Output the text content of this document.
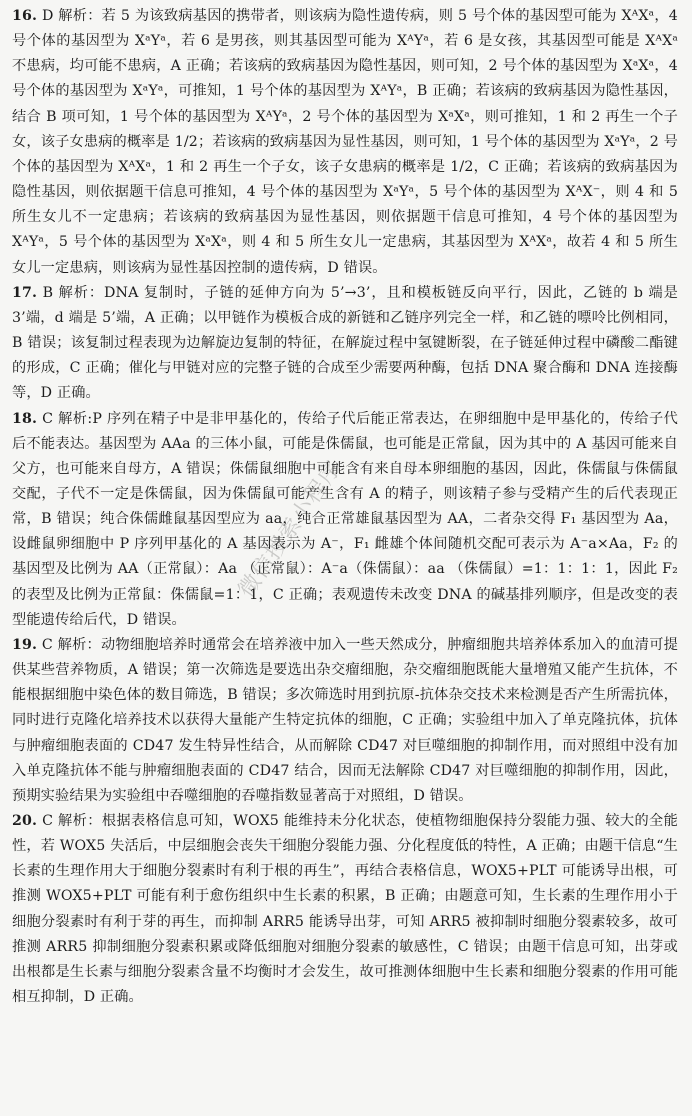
16. D 解析：若 5 为该致病基因的携带者，则该病为隐性遗传病，则 5 号个体的基因型可能为 XᴬXᵃ，4 号个体的基因型为 XᵃYᵃ，若 6 是男孩，则其基因型可能为 XᴬYᵃ，若 6 是女孩，其基因型可能是 XᴬXᵃ 不患病，均可能不患病，A 正确；若该病的致病基因为隐性基因，则可知，2 号个体的基因型为 XᵃXᵃ，4 号个体的基因型为 XᵃYᵃ，可推知，1 号个体的基因型为 XᴬYᵃ，B 正确；若该病的致病基因为隐性基因，结合 B 项可知，1 号个体的基因型为 XᴬYᵃ，2 号个体的基因型为 XᵃXᵃ，则可推知，1 和 2 再生一个子女，该子女患病的概率是 1/2；若该病的致病基因为显性基因，则可知，1 号个体的基因型为 XᵃYᵃ，2 号个体的基因型为 XᴬXᵃ，1 和 2 再生一个子女，该子女患病的概率是 1/2，C 正确；若该病的致病基因为隐性基因，则依据题干信息可推知，4 号个体的基因型为 XᵃYᵃ，5 号个体的基因型为 XᴬX⁻，则 4 和 5 所生女儿不一定患病；若该病的致病基因为显性基因，则依据题干信息可推知，4 号个体的基因型为 XᴬYᵃ，5 号个体的基因型为 XᵃXᵃ，则 4 和 5 所生女儿一定患病，其基因型为 XᴬXᵃ，故若 4 和 5 所生女儿一定患病，则该病为显性基因控制的遗传病，D 错误。

17. B 解析：DNA 复制时，子链的延伸方向为 5’→3’，且和模板链反向平行，因此，乙链的 b 端是 3’端，d 端是 5’端，A 正确；以甲链作为模板合成的新链和乙链序列完全一样，和乙链的嘌呤比例相同，B 错误；该复制过程表现为边解旋边复制的特征，在解旋过程中氢键断裂，在子链延伸过程中磷酸二酯键的形成，C 正确；催化与甲链对应的完整子链的合成至少需要两种酶，包括 DNA 聚合酶和 DNA 连接酶等，D 正确。

18. C 解析:P 序列在精子中是非甲基化的，传给子代后能正常表达，在卵细胞中是甲基化的，传给子代后不能表达。基因型为 AAa 的三体小鼠，可能是侏儒鼠，也可能是正常鼠，因为其中的 A 基因可能来自父方，也可能来自母方，A 错误；侏儒鼠细胞中可能含有来自母本卵细胞的基因，因此，侏儒鼠与侏儒鼠交配，子代不一定是侏儒鼠，因为侏儒鼠可能产生含有 A 的精子，则该精子参与受精产生的后代表现正常，B 错误；纯合侏儒雌鼠基因型应为 aa，纯合正常雄鼠基因型为 AA，二者杂交得 F₁ 基因型为 Aa，设雌鼠卵细胞中 P 序列甲基化的 A 基因表示为 A⁻，F₁ 雌雄个体间随机交配可表示为 A⁻a×Aa，F₂ 的基因型及比例为 AA（正常鼠）：Aa （正常鼠）：A⁻a（侏儒鼠）：aa （侏儒鼠）=1：1：1：1，因此 F₂ 的表型及比例为正常鼠：侏儒鼠=1：1，C 正确；表观遗传未改变 DNA 的碱基排列顺序，但是改变的表型能遗传给后代，D 错误。

19. C 解析：动物细胞培养时通常会在培养液中加入一些天然成分，肿瘤细胞共培养体系加入的血清可提供某些营养物质，A 错误；第一次筛选是要选出杂交瘤细胞，杂交瘤细胞既能大量增殖又能产生抗体，不能根据细胞中染色体的数目筛选，B 错误；多次筛选时用到抗原-抗体杂交技术来检测是否产生所需抗体，同时进行克隆化培养技术以获得大量能产生特定抗体的细胞，C 正确；实验组中加入了单克隆抗体，抗体与肿瘤细胞表面的 CD47 发生特异性结合，从而解除 CD47 对巨噬细胞的抑制作用，而对照组中没有加入单克隆抗体不能与肿瘤细胞表面的 CD47 结合，因而无法解除 CD47 对巨噬细胞的抑制作用，因此，预期实验结果为实验组中吞噬细胞的吞噬指数显著高于对照组，D 错误。

20. C 解析：根据表格信息可知，WOX5 能维持未分化状态，使植物细胞保持分裂能力强、较大的全能性，若 WOX5 失活后，中层细胞会丧失干细胞分裂能力强、分化程度低的特性，A 正确；由题干信息“生长素的生理作用大于细胞分裂素时有利于根的再生”，再结合表格信息，WOX5+PLT 可能诱导出根，可推测 WOX5+PLT 可能有利于愈伤组织中生长素的积累，B 正确；由题意可知，生长素的生理作用小于细胞分裂素时有利于芽的再生，而抑制 ARR5 能诱导出芽，可知 ARR5 被抑制时细胞分裂素较多，故可推测 ARR5 抑制细胞分裂素积累或降低细胞对细胞分裂素的敏感性，C 错误；由题干信息可知，出芽或出根都是生长素与细胞分裂素含量不均衡时才会发生，故可推测体细胞中生长素和细胞分裂素的作用可能相互抑制，D 正确。

微信搜索小程序
